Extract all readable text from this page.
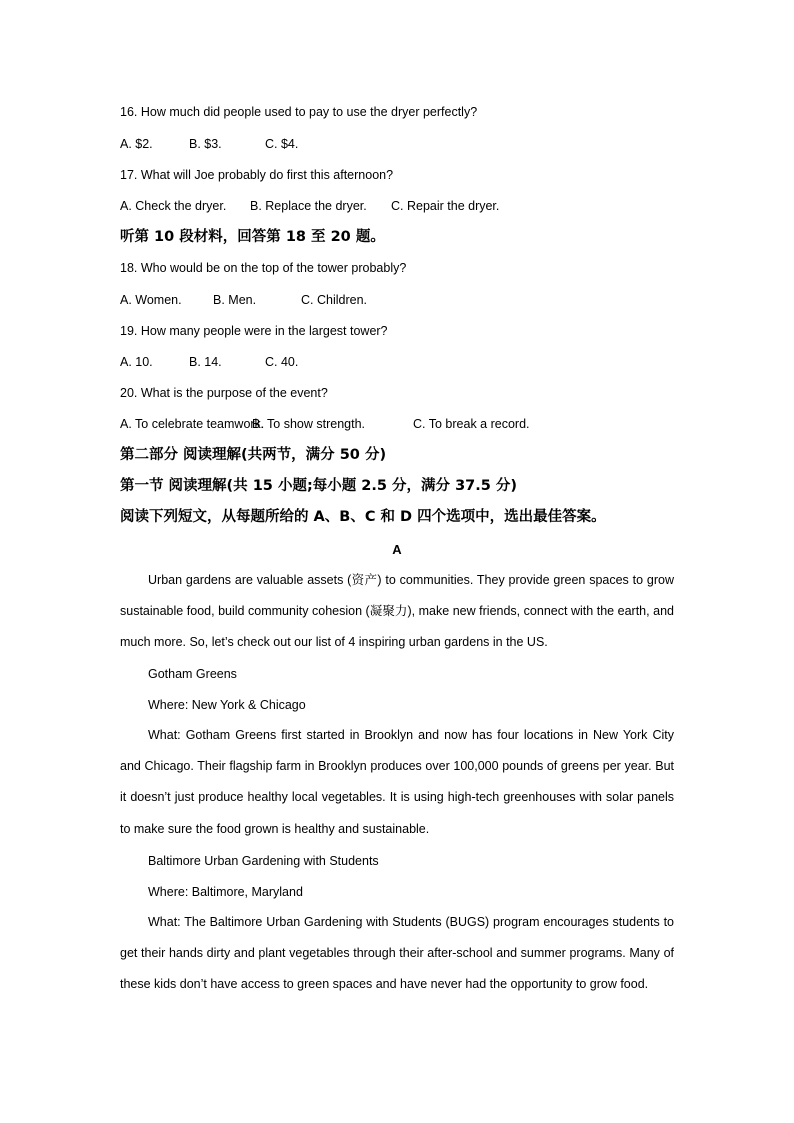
16. How much did people used to pay to use the dryer perfectly?
A. $2.	B. $3.	C. $4.
17. What will Joe probably do first this afternoon?
A. Check the dryer. B. Replace the dryer. C. Repair the dryer.
听第 10 段材料，回答第 18 至 20 题。
18. Who would be on the top of the tower probably?
A. Women.	B. Men.	C. Children.
19. How many people were in the largest tower?
A. 10.	B. 14.	C. 40.
20. What is the purpose of the event?
A. To celebrate teamwork.
B. To show strength.	C. To break a record.
第二部分 阅读理解(共两节，满分 50 分)
第一节 阅读理解(共 15 小题;每小题 2.5 分，满分 37.5 分)
阅读下列短文，从每题所给的 A、B、C 和 D 四个选项中，选出最佳答案。
A
Urban gardens are valuable assets (资产) to communities. They provide green spaces to grow sustainable food, build community cohesion (凝聚力), make new friends, connect with the earth, and much more. So, let’s check out our list of 4 inspiring urban gardens in the US.
Gotham Greens
Where: New York & Chicago
What: Gotham Greens first started in Brooklyn and now has four locations in New York City and Chicago. Their flagship farm in Brooklyn produces over 100,000 pounds of greens per year. But it doesn’t just produce healthy local vegetables. It is using high-tech greenhouses with solar panels to make sure the food grown is healthy and sustainable.
Baltimore Urban Gardening with Students
Where: Baltimore, Maryland
What: The Baltimore Urban Gardening with Students (BUGS) program encourages students to get their hands dirty and plant vegetables through their after-school and summer programs. Many of these kids don’t have access to green spaces and have never had the opportunity to grow food.
